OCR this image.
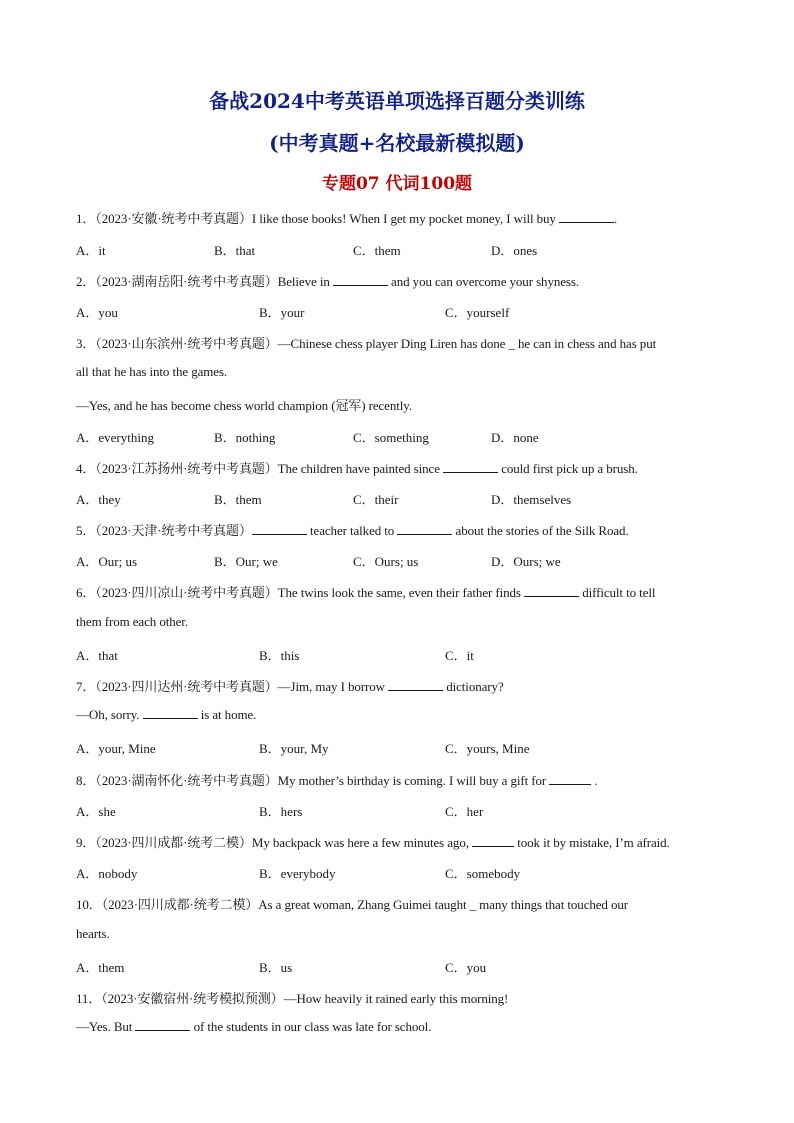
备战2024中考英语单项选择百题分类训练
(中考真题+名校最新模拟题)
专题07 代词100题
1．（2023·安徽·统考中考真题）I like those books! When I get my pocket money, I will buy	.
A．it	B．that	C．them	D．ones
2．（2023·湖南岳阳·统考中考真题）Believe in	and you can overcome your shyness.
A．you	B．your	C．yourself
3．（2023·山东滨州·统考中考真题）—Chinese chess player Ding Liren has done _ he can in chess and has put
all that he has into the games.
—Yes, and he has become chess world champion (冠军) recently.
A．everything	B．nothing	C．something	D．none
4．（2023·江苏扬州·统考中考真题）The children have painted since	could first pick up a brush.
A．they	B．them	C．their	D．themselves
5．（2023·天津·统考中考真题）	teacher talked to	about the stories of the Silk Road.
A．Our; us	B．Our; we	C．Ours; us	D．Ours; we
6．（2023·四川凉山·统考中考真题）The twins look the same, even their father finds	difficult to tell
them from each other.
A．that	B．this	C．it
7．（2023·四川达州·统考中考真题）—Jim, may I borrow	dictionary?
—Oh, sorry.	is at home.
A．your, Mine	B．your, My	C．yours, Mine
8．（2023·湖南怀化·统考中考真题）My mother’s birthday is coming. I will buy a gift for	.
A．she	B．hers	C．her
9．（2023·四川成都·统考二模）My backpack was here a few minutes ago,	took it by mistake, I’m afraid.
A．nobody	B．everybody	C．somebody
10．（2023·四川成都·统考二模）As a great woman, Zhang Guimei taught _ many things that touched our
hearts.
A．them	B．us	C．you
11．（2023·安徽宿州·统考模拟预测）—How heavily it rained early this morning!
—Yes. But	of the students in our class was late for school.
